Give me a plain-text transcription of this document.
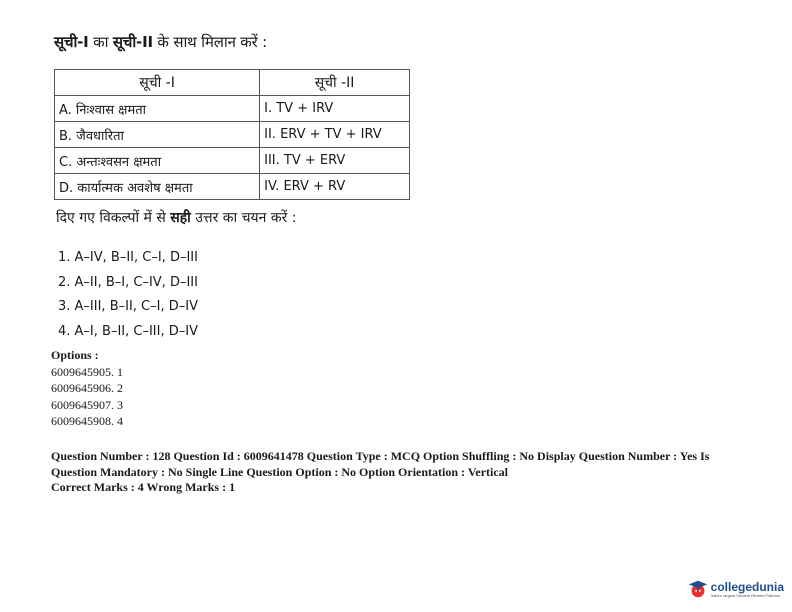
सूची-I का सूची-II के साथ मिलान करें :
सूची -I	सूची -II
A. निःश्वास क्षमता	I. TV + IRV
B. जैवधारिता	II. ERV + TV + IRV
C. अन्तःश्वसन क्षमता	III. TV + ERV
D. कार्यात्मक अवशेष क्षमता	IV. ERV + RV
दिए गए विकल्पों में से सही उत्तर का चयन करें :
1. A–IV, B–II, C–I, D–III
2. A–II, B–I, C–IV, D–III
3. A–III, B–II, C–I, D–IV
4. A–I, B–II, C–III, D–IV
Options :
6009645905. 1
6009645906. 2
6009645907. 3
6009645908. 4
Question Number : 128 Question Id : 6009641478 Question Type : MCQ Option Shuffling : No Display Question Number : Yes Is Question Mandatory : No Single Line Question Option : No Option Orientation : Vertical
Correct Marks : 4 Wrong Marks : 1
collegedunia
India's largest Student Review Platform
